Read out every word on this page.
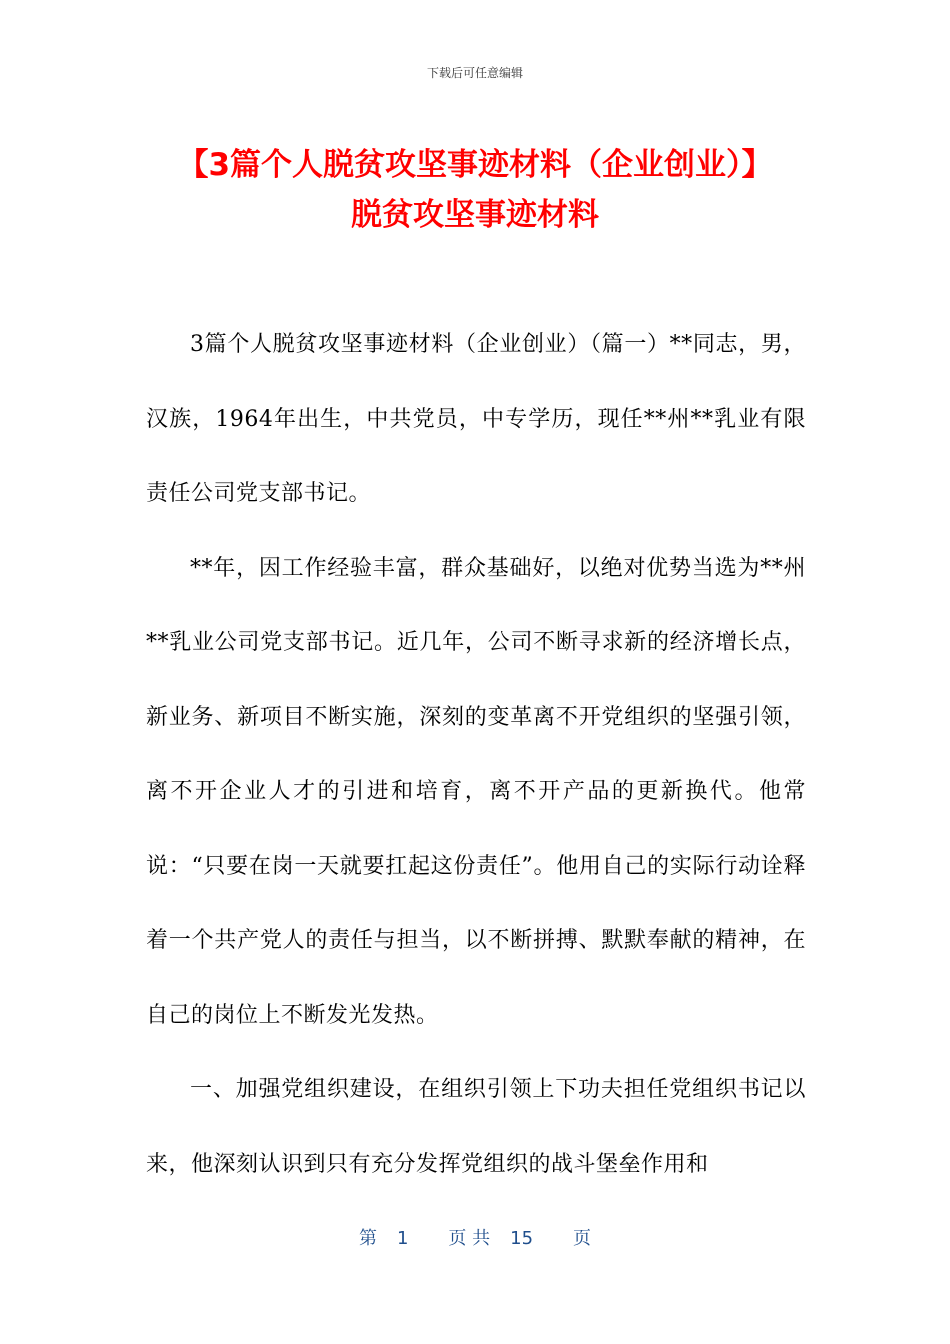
下载后可任意编辑
【3篇个人脱贫攻坚事迹材料（企业创业）】 脱贫攻坚事迹材料

3篇个人脱贫攻坚事迹材料（企业创业）（篇一）**同志，男，汉族，1964年出生，中共党员，中专学历，现任**州**乳业有限责任公司党支部书记。

**年，因工作经验丰富，群众基础好，以绝对优势当选为**州**乳业公司党支部书记。近几年，公司不断寻求新的经济增长点，新业务、新项目不断实施，深刻的变革离不开党组织的坚强引领，离不开企业人才的引进和培育，离不开产品的更新换代。他常说：“只要在岗一天就要扛起这份责任”。他用自己的实际行动诠释着一个共产党人的责任与担当，以不断拼搏、默默奉献的精神，在自己的岗位上不断发光发热。

一、加强党组织建设，在组织引领上下功夫担任党组织书记以来，他深刻认识到只有充分发挥党组织的战斗堡垒作用和

第 1 页 共 15 页
